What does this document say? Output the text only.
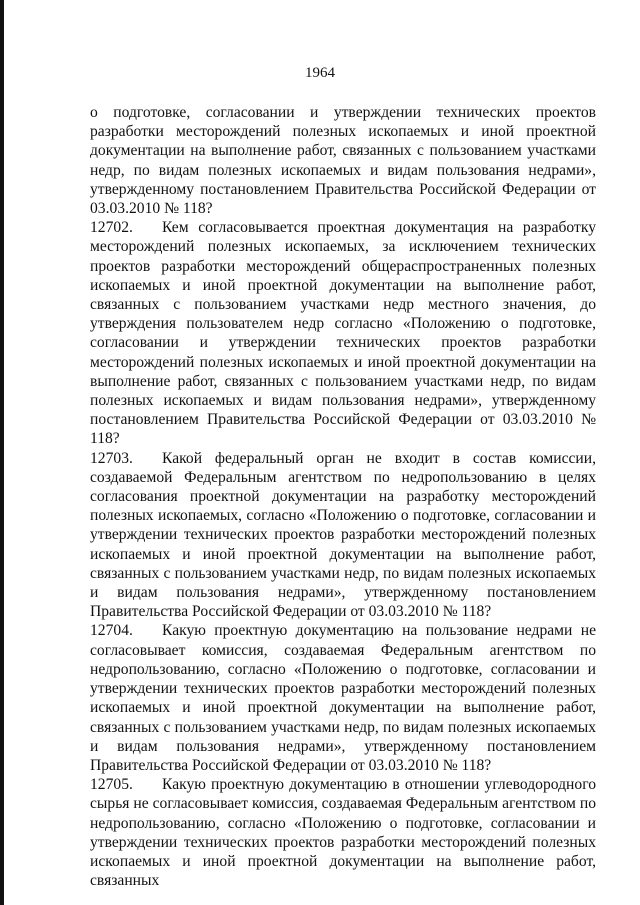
1964

о подготовке, согласовании и утверждении технических проектов разработки месторождений полезных ископаемых и иной проектной документации на выполнение работ, связанных с пользованием участками недр, по видам полезных ископаемых и видам пользования недрами», утвержденному постановлением Правительства Российской Федерации от 03.03.2010 № 118?

12702. Кем согласовывается проектная документация на разработку месторождений полезных ископаемых, за исключением технических проектов разработки месторождений общераспространенных полезных ископаемых и иной проектной документации на выполнение работ, связанных с пользованием участками недр местного значения, до утверждения пользователем недр согласно «Положению о подготовке, согласовании и утверждении технических проектов разработки месторождений полезных ископаемых и иной проектной документации на выполнение работ, связанных с пользованием участками недр, по видам полезных ископаемых и видам пользования недрами», утвержденному постановлением Правительства Российской Федерации от 03.03.2010 № 118?

12703. Какой федеральный орган не входит в состав комиссии, создаваемой Федеральным агентством по недропользованию в целях согласования проектной документации на разработку месторождений полезных ископаемых, согласно «Положению о подготовке, согласовании и утверждении технических проектов разработки месторождений полезных ископаемых и иной проектной документации на выполнение работ, связанных с пользованием участками недр, по видам полезных ископаемых и видам пользования недрами», утвержденному постановлением Правительства Российской Федерации от 03.03.2010 № 118?

12704. Какую проектную документацию на пользование недрами не согласовывает комиссия, создаваемая Федеральным агентством по недропользованию, согласно «Положению о подготовке, согласовании и утверждении технических проектов разработки месторождений полезных ископаемых и иной проектной документации на выполнение работ, связанных с пользованием участками недр, по видам полезных ископаемых и видам пользования недрами», утвержденному постановлением Правительства Российской Федерации от 03.03.2010 № 118?

12705. Какую проектную документацию в отношении углеводородного сырья не согласовывает комиссия, создаваемая Федеральным агентством по недропользованию, согласно «Положению о подготовке, согласовании и утверждении технических проектов разработки месторождений полезных ископаемых и иной проектной документации на выполнение работ, связанных
